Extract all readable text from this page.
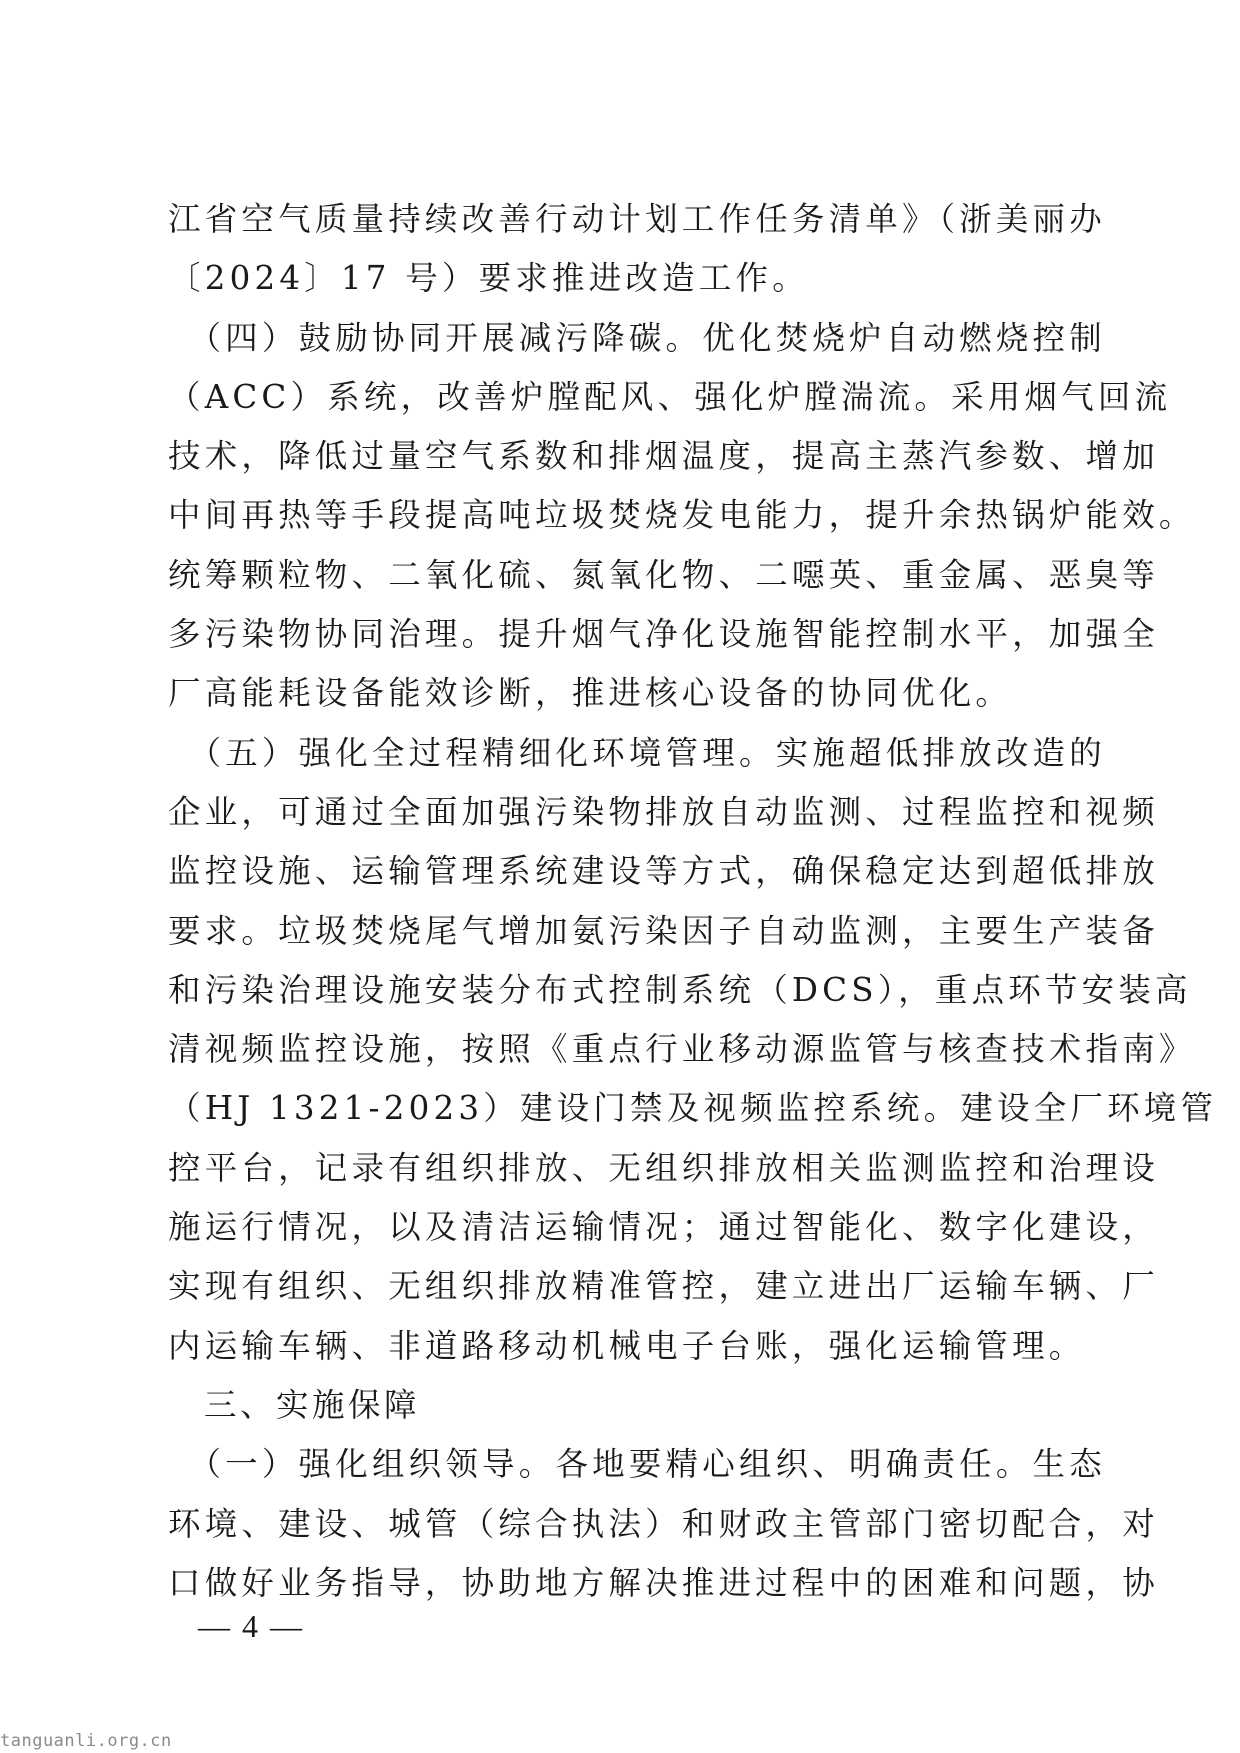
江省空气质量持续改善行动计划工作任务清单》（浙美丽办
〔2024〕17 号）要求推进改造工作。
　（四）鼓励协同开展减污降碳。优化焚烧炉自动燃烧控制
（ACC）系统，改善炉膛配风、强化炉膛湍流。采用烟气回流
技术，降低过量空气系数和排烟温度，提高主蒸汽参数、增加
中间再热等手段提高吨垃圾焚烧发电能力，提升余热锅炉能效。
统筹颗粒物、二氧化硫、氮氧化物、二噁英、重金属、恶臭等
多污染物协同治理。提升烟气净化设施智能控制水平，加强全
厂高能耗设备能效诊断，推进核心设备的协同优化。
　（五）强化全过程精细化环境管理。实施超低排放改造的
企业，可通过全面加强污染物排放自动监测、过程监控和视频
监控设施、运输管理系统建设等方式，确保稳定达到超低排放
要求。垃圾焚烧尾气增加氨污染因子自动监测，主要生产装备
和污染治理设施安装分布式控制系统（DCS），重点环节安装高
清视频监控设施，按照《重点行业移动源监管与核查技术指南》
（HJ 1321-2023）建设门禁及视频监控系统。建设全厂环境管
控平台，记录有组织排放、无组织排放相关监测监控和治理设
施运行情况，以及清洁运输情况；通过智能化、数字化建设，
实现有组织、无组织排放精准管控，建立进出厂运输车辆、厂
内运输车辆、非道路移动机械电子台账，强化运输管理。
　三、实施保障
　（一）强化组织领导。各地要精心组织、明确责任。生态
环境、建设、城管（综合执法）和财政主管部门密切配合，对
口做好业务指导，协助地方解决推进过程中的困难和问题，协
— 4 —
tanguanli.org.cn
